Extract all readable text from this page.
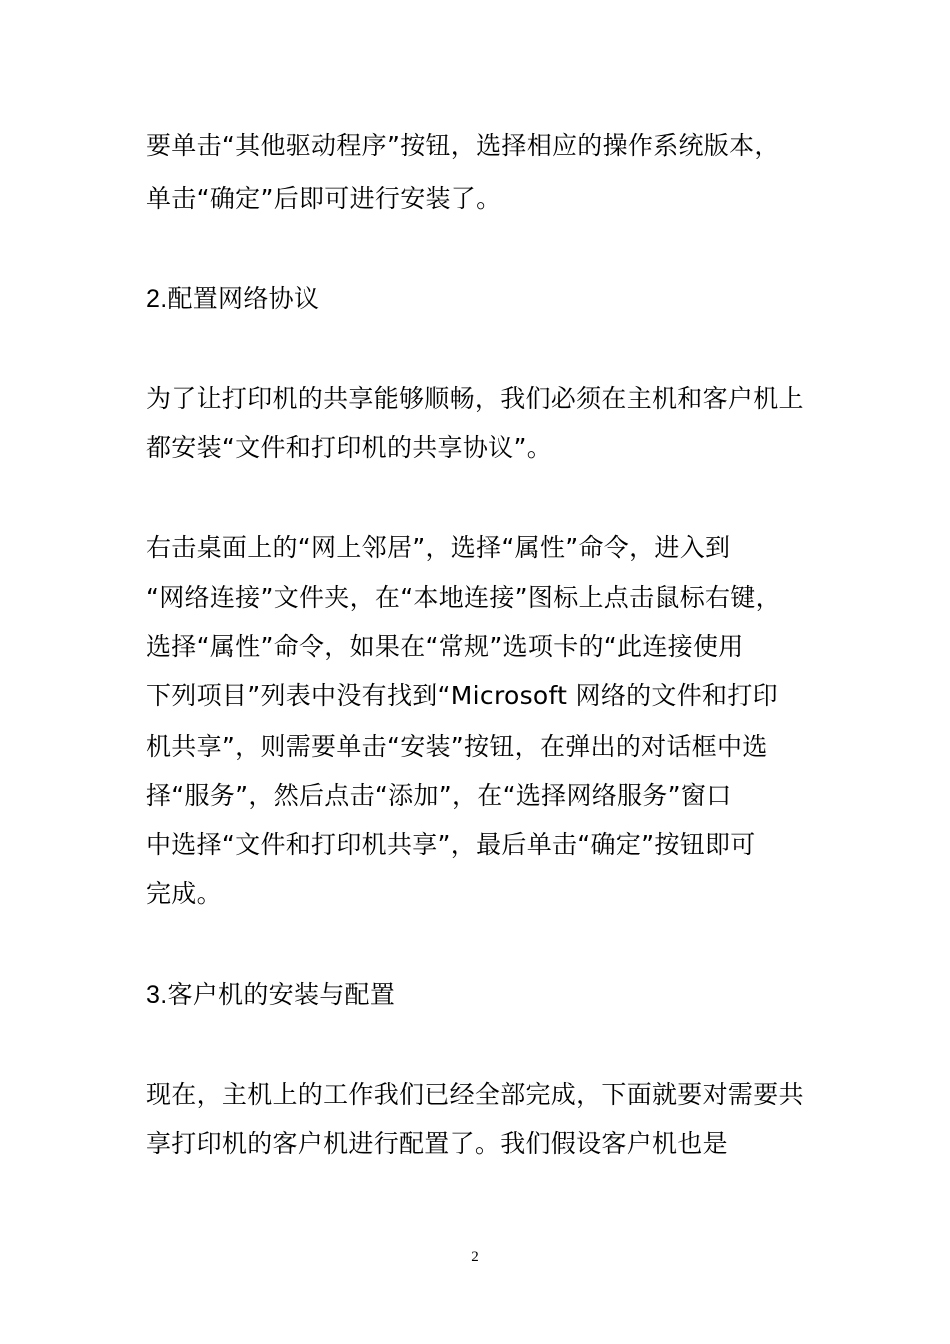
要单击“其他驱动程序”按钮，选择相应的操作系统版本，
单击“确定”后即可进行安装了。
2.配置网络协议
为了让打印机的共享能够顺畅，我们必须在主机和客户机上
都安装“文件和打印机的共享协议”。
右击桌面上的“网上邻居”，选择“属性”命令，进入到
“网络连接”文件夹，在“本地连接”图标上点击鼠标右键，
选择“属性”命令，如果在“常规”选项卡的“此连接使用
下列项目”列表中没有找到“Microsoft 网络的文件和打印
机共享”，则需要单击“安装”按钮，在弹出的对话框中选
择“服务”，然后点击“添加”，在“选择网络服务”窗口
中选择“文件和打印机共享”，最后单击“确定”按钮即可
完成。
3.客户机的安装与配置
现在，主机上的工作我们已经全部完成，下面就要对需要共
享打印机的客户机进行配置了。我们假设客户机也是
2
